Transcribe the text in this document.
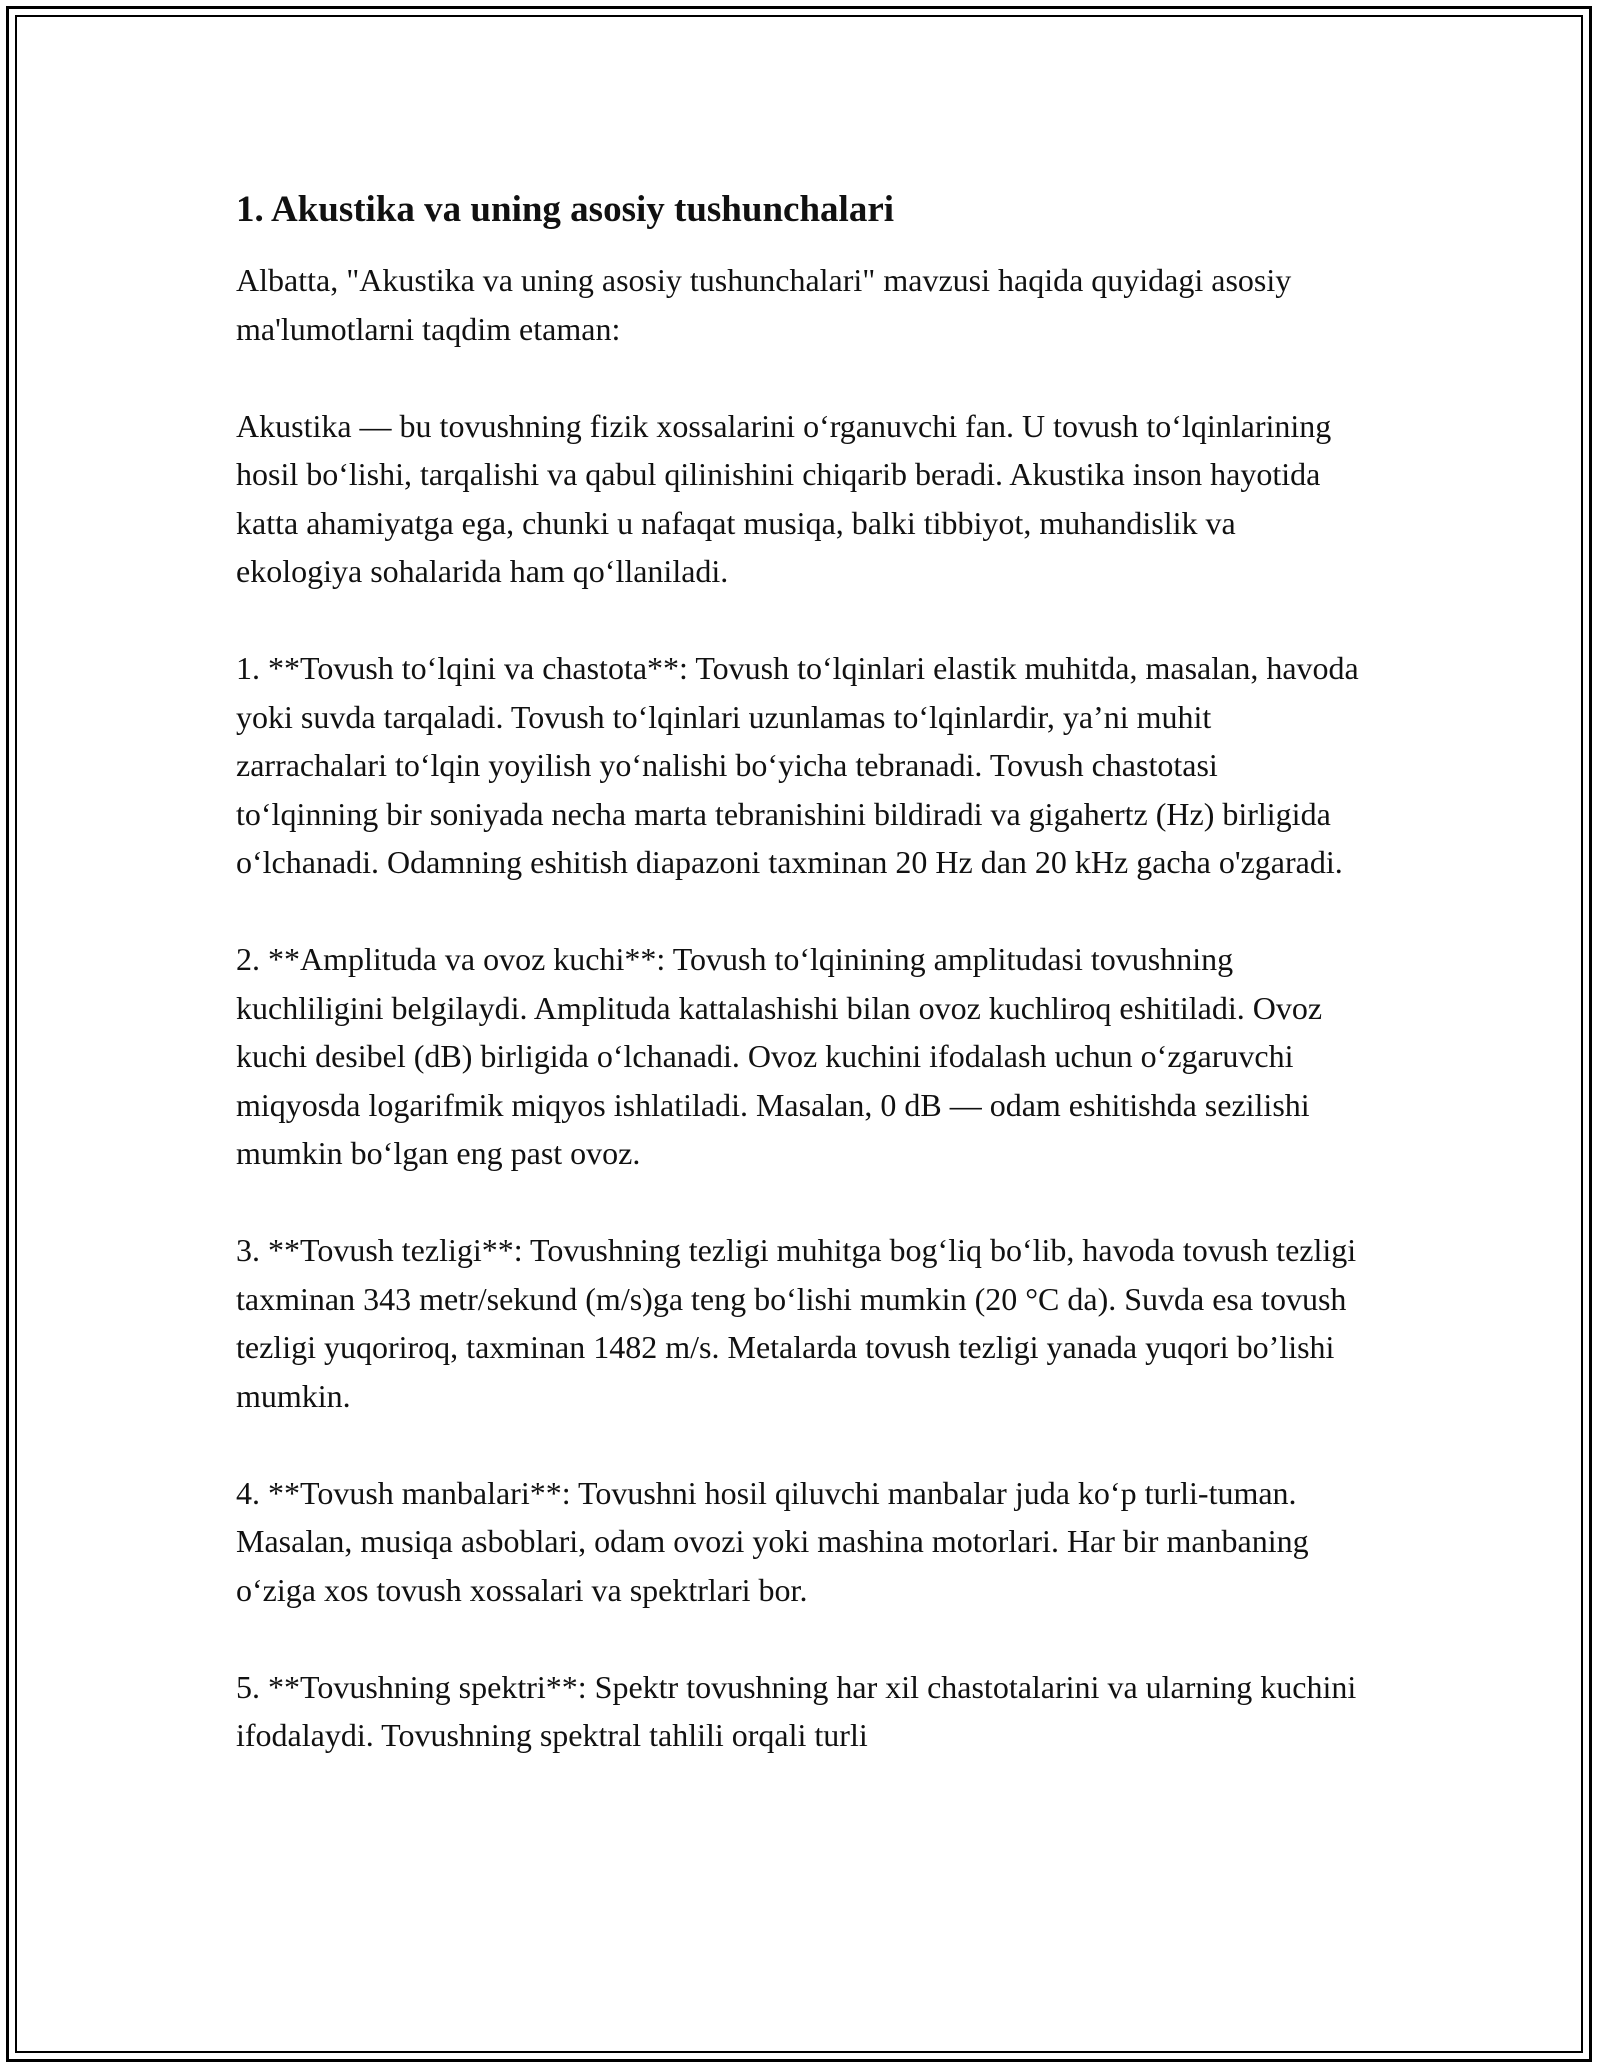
1. Akustika va uning asosiy tushunchalari

Albatta, "Akustika va uning asosiy tushunchalari" mavzusi haqida quyidagi asosiy ma'lumotlarni taqdim etaman:

Akustika — bu tovushning fizik xossalarini oʻrganuvchi fan. U tovush toʻlqinlarining hosil boʻlishi, tarqalishi va qabul qilinishini chiqarib beradi. Akustika inson hayotida katta ahamiyatga ega, chunki u nafaqat musiqa, balki tibbiyot, muhandislik va ekologiya sohalarida ham qoʻllaniladi.

1. **Tovush toʻlqini va chastota**: Tovush toʻlqinlari elastik muhitda, masalan, havoda yoki suvda tarqaladi. Tovush toʻlqinlari uzunlamas toʻlqinlardir, ya’ni muhit zarrachalari toʻlqin yoyilish yoʻnalishi boʻyicha tebranadi. Tovush chastotasi toʻlqinning bir soniyada necha marta tebranishini bildiradi va gigahertz (Hz) birligida oʻlchanadi. Odamning eshitish diapazoni taxminan 20 Hz dan 20 kHz gacha o'zgaradi.

2. **Amplituda va ovoz kuchi**: Tovush toʻlqinining amplitudasi tovushning kuchliligini belgilaydi. Amplituda kattalashishi bilan ovoz kuchliroq eshitiladi. Ovoz kuchi desibel (dB) birligida oʻlchanadi. Ovoz kuchini ifodalash uchun oʻzgaruvchi miqyosda logarifmik miqyos ishlatiladi. Masalan, 0 dB — odam eshitishda sezilishi mumkin boʻlgan eng past ovoz.

3. **Tovush tezligi**: Tovushning tezligi muhitga bogʻliq boʻlib, havoda tovush tezligi taxminan 343 metr/sekund (m/s)ga teng boʻlishi mumkin (20 °C da). Suvda esa tovush tezligi yuqoriroq, taxminan 1482 m/s. Metalarda tovush tezligi yanada yuqori bo’lishi mumkin.

4. **Tovush manbalari**: Tovushni hosil qiluvchi manbalar juda koʻp turli-tuman. Masalan, musiqa asboblari, odam ovozi yoki mashina motorlari. Har bir manbaning oʻziga xos tovush xossalari va spektrlari bor.

5. **Tovushning spektri**: Spektr tovushning har xil chastotalarini va ularning kuchini ifodalaydi. Tovushning spektral tahlili orqali turli
